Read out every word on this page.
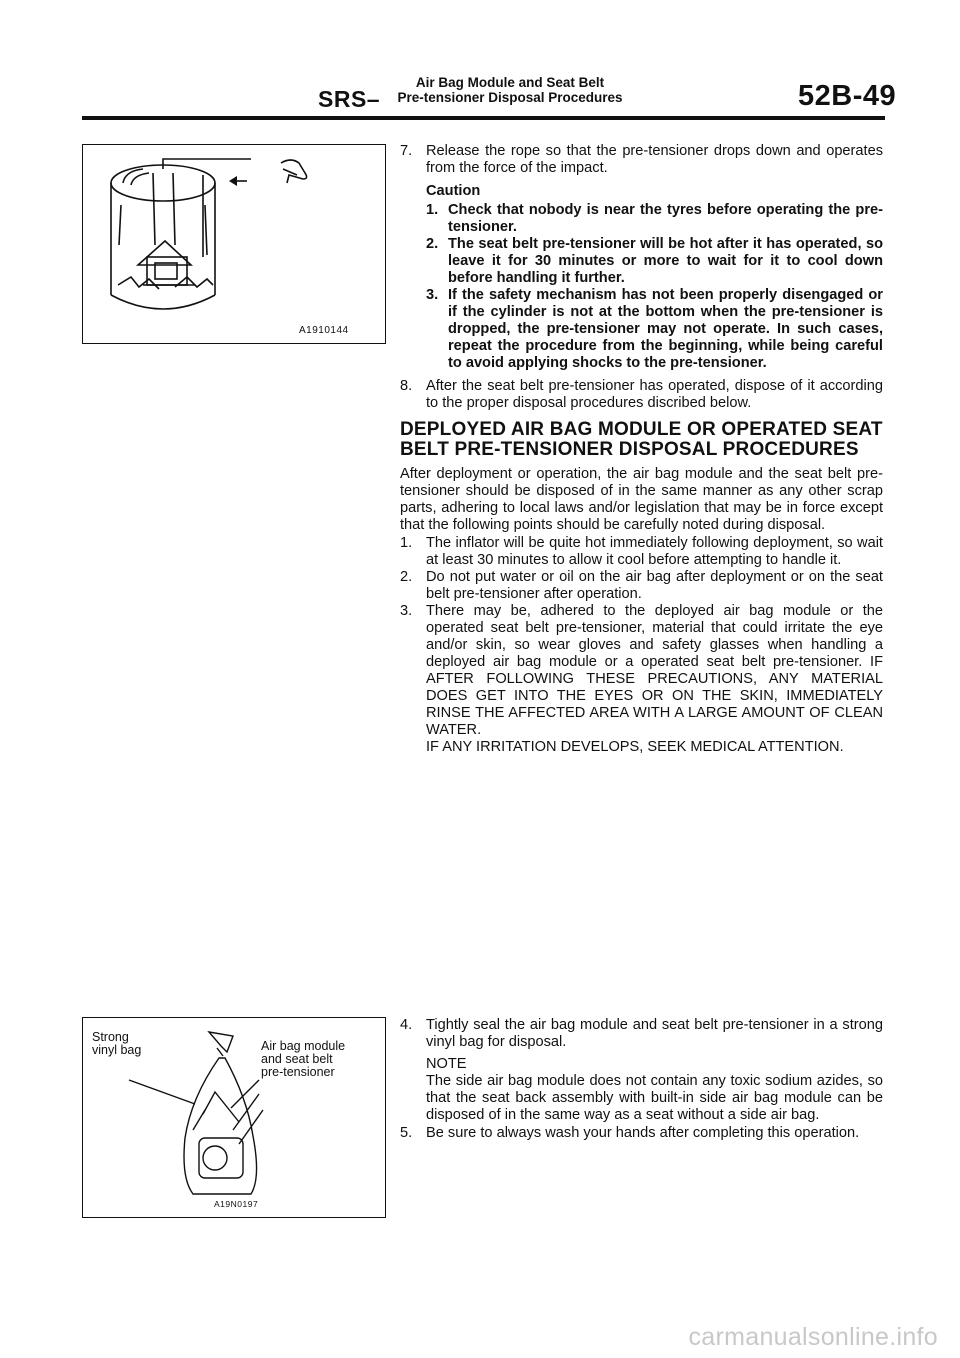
SRS–
Air Bag Module and Seat Belt
Pre-tensioner Disposal Procedures	52B-49
A1910144
Strong
vinyl bag	Air bag module
and seat belt
pre-tensioner
A19N0197
7. Release the rope so that the pre-tensioner drops down and operates from the force of the impact.
Caution
1. Check that nobody is near the tyres before operating the pre-tensioner.
2. The seat belt pre-tensioner will be hot after it has operated, so leave it for 30 minutes or more to wait for it to cool down before handling it further.
3. If the safety mechanism has not been properly disengaged or if the cylinder is not at the bottom when the pre-tensioner is dropped, the pre-tensioner may not operate. In such cases, repeat the procedure from the beginning, while being careful to avoid applying shocks to the pre-tensioner.
8. After the seat belt pre-tensioner has operated, dispose of it according to the proper disposal procedures discribed below.
DEPLOYED AIR BAG MODULE OR OPERATED SEAT BELT PRE-TENSIONER DISPOSAL PROCEDURES

After deployment or operation, the air bag module and the seat belt pre-tensioner should be disposed of in the same manner as any other scrap parts, adhering to local laws and/or legislation that may be in force except that the following points should be carefully noted during disposal.

1. The inflator will be quite hot immediately following deployment, so wait at least 30 minutes to allow it cool before attempting to handle it.
2. Do not put water or oil on the air bag after deployment or on the seat belt pre-tensioner after operation.
3. There may be, adhered to the deployed air bag module or the operated seat belt pre-tensioner, material that could irritate the eye and/or skin, so wear gloves and safety glasses when handling a deployed air bag module or a operated seat belt pre-tensioner. IF AFTER FOLLOWING THESE PRECAUTIONS, ANY MATERIAL DOES GET INTO THE EYES OR ON THE SKIN, IMMEDIATELY RINSE THE AFFECTED AREA WITH A LARGE AMOUNT OF CLEAN WATER.
IF ANY IRRITATION DEVELOPS, SEEK MEDICAL ATTENTION.
4. Tightly seal the air bag module and seat belt pre-tensioner in a strong vinyl bag for disposal.
NOTE
The side air bag module does not contain any toxic sodium azides, so that the seat back assembly with built-in side air bag module can be disposed of in the same way as a seat without a side air bag.
5. Be sure to always wash your hands after completing this operation.
carmanualsonline.info
